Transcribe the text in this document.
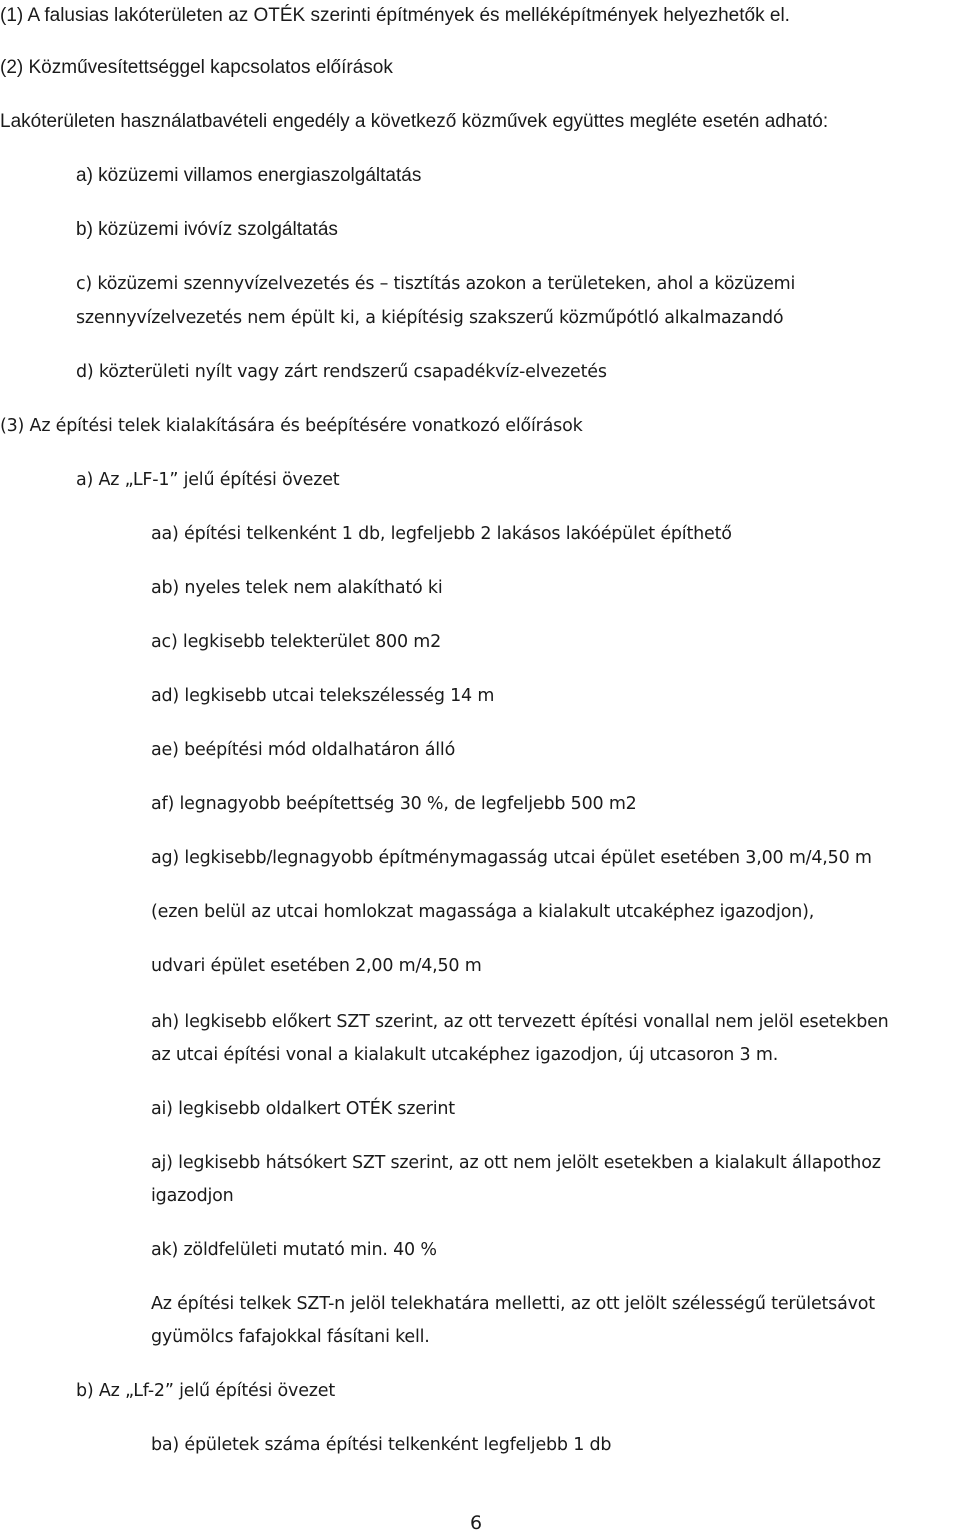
(1) A falusias lakóterületen az OTÉK szerinti építmények és melléképítmények helyezhetők el.
(2) Közművesítettséggel kapcsolatos előírások
Lakóterületen használatbavételi engedély a következő közművek együttes megléte esetén adható:
a) közüzemi villamos energiaszolgáltatás
b) közüzemi ivóvíz szolgáltatás
c) közüzemi szennyvízelvezetés és – tisztítás azokon a területeken, ahol a közüzemi
szennyvízelvezetés nem épült ki, a kiépítésig szakszerű közműpótló alkalmazandó
d) közterületi nyílt vagy zárt rendszerű csapadékvíz-elvezetés
(3) Az építési telek kialakítására és beépítésére vonatkozó előírások
a) Az „LF-1” jelű építési övezet
aa) építési telkenként 1 db, legfeljebb 2 lakásos lakóépület építhető
ab) nyeles telek nem alakítható ki
ac) legkisebb telekterület 800 m2
ad) legkisebb utcai telekszélesség 14 m
ae) beépítési mód oldalhatáron álló
af) legnagyobb beépítettség 30 %, de legfeljebb 500 m2
ag) legkisebb/legnagyobb építménymagasság utcai épület esetében 3,00 m/4,50 m
(ezen belül az utcai homlokzat magassága a kialakult utcaképhez igazodjon),
udvari épület esetében 2,00 m/4,50 m
ah) legkisebb előkert SZT szerint, az ott tervezett építési vonallal nem jelöl esetekben
az utcai építési vonal a kialakult utcaképhez igazodjon, új utcasoron 3 m.
ai) legkisebb oldalkert OTÉK szerint
aj) legkisebb hátsókert SZT szerint, az ott nem jelölt esetekben a kialakult állapothoz
igazodjon
ak) zöldfelületi mutató min. 40 %
Az építési telkek SZT-n jelöl telekhatára melletti, az ott jelölt szélességű területsávot
gyümölcs fafajokkal fásítani kell.
b) Az „Lf-2” jelű építési övezet
ba) épületek száma építési telkenként legfeljebb 1 db
6
